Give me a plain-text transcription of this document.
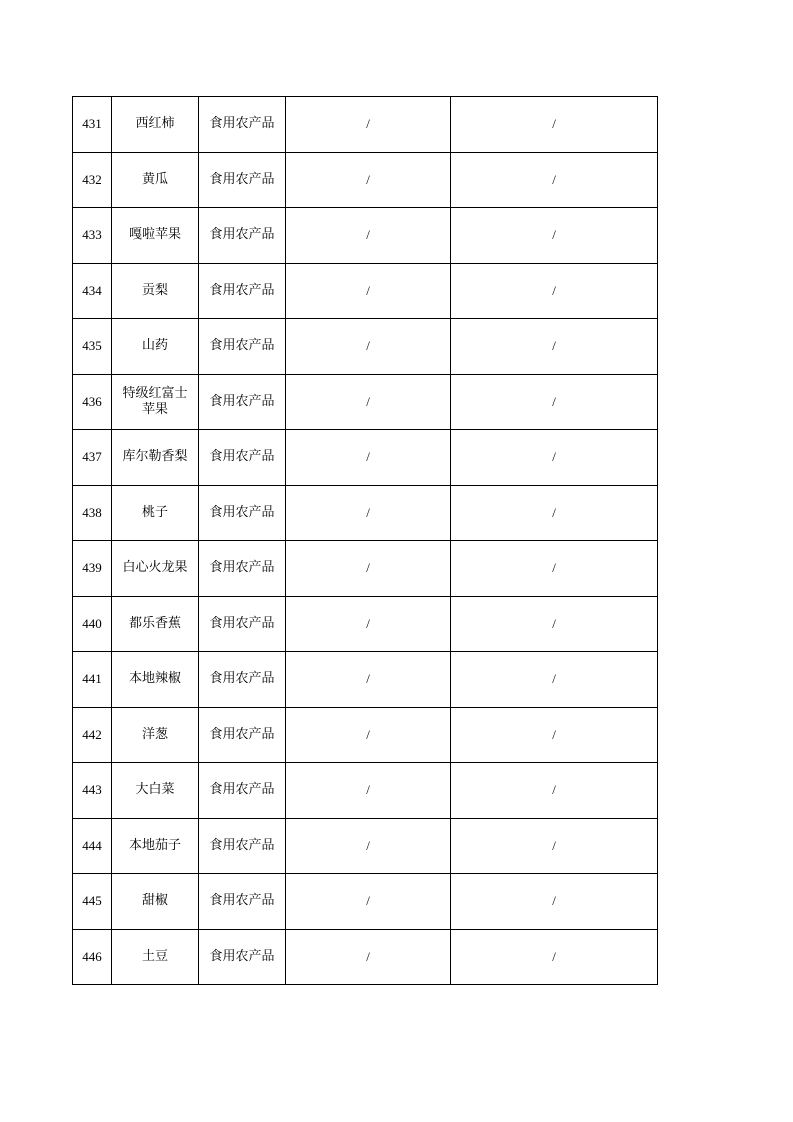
431	西红柿	食用农产品	/	/
432	黄瓜	食用农产品	/	/
433	嘎啦苹果	食用农产品	/	/
434	贡梨	食用农产品	/	/
435	山药	食用农产品	/	/
436	特级红富士苹果	食用农产品	/	/
437	库尔勒香梨	食用农产品	/	/
438	桃子	食用农产品	/	/
439	白心火龙果	食用农产品	/	/
440	都乐香蕉	食用农产品	/	/
441	本地辣椒	食用农产品	/	/
442	洋葱	食用农产品	/	/
443	大白菜	食用农产品	/	/
444	本地茄子	食用农产品	/	/
445	甜椒	食用农产品	/	/
446	土豆	食用农产品	/	/
